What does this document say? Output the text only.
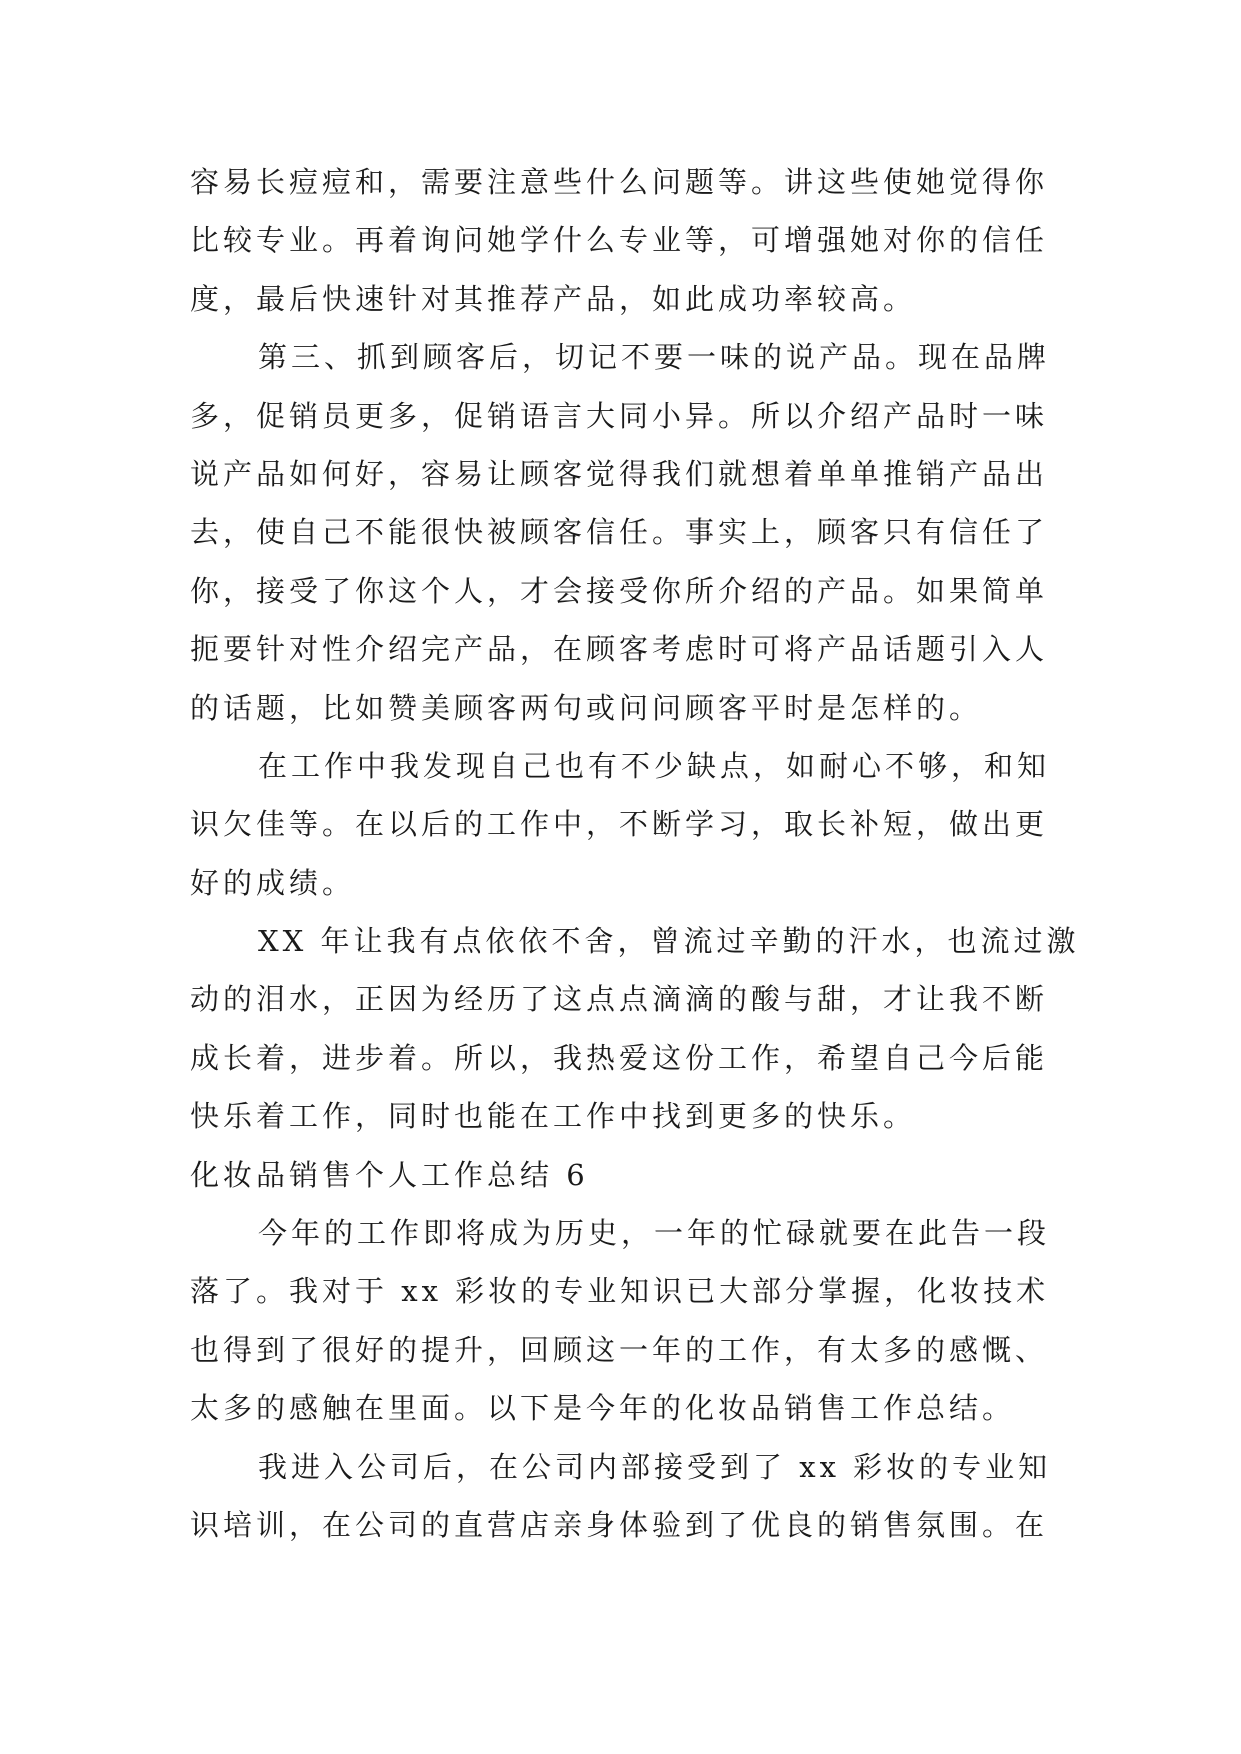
容易长痘痘和，需要注意些什么问题等。讲这些使她觉得你
比较专业。再着询问她学什么专业等，可增强她对你的信任
度，最后快速针对其推荐产品，如此成功率较高。
第三、抓到顾客后，切记不要一味的说产品。现在品牌
多，促销员更多，促销语言大同小异。所以介绍产品时一味
说产品如何好，容易让顾客觉得我们就想着单单推销产品出
去，使自己不能很快被顾客信任。事实上，顾客只有信任了
你，接受了你这个人，才会接受你所介绍的产品。如果简单
扼要针对性介绍完产品，在顾客考虑时可将产品话题引入人
的话题，比如赞美顾客两句或问问顾客平时是怎样的。
在工作中我发现自己也有不少缺点，如耐心不够，和知
识欠佳等。在以后的工作中，不断学习，取长补短，做出更
好的成绩。
XX 年让我有点依依不舍，曾流过辛勤的汗水，也流过激
动的泪水，正因为经历了这点点滴滴的酸与甜，才让我不断
成长着，进步着。所以，我热爱这份工作，希望自己今后能
快乐着工作，同时也能在工作中找到更多的快乐。
化妆品销售个人工作总结 6
今年的工作即将成为历史，一年的忙碌就要在此告一段
落了。我对于 xx 彩妆的专业知识已大部分掌握，化妆技术
也得到了很好的提升，回顾这一年的工作，有太多的感慨、
太多的感触在里面。以下是今年的化妆品销售工作总结。
我进入公司后，在公司内部接受到了 xx 彩妆的专业知
识培训，在公司的直营店亲身体验到了优良的销售氛围。在
